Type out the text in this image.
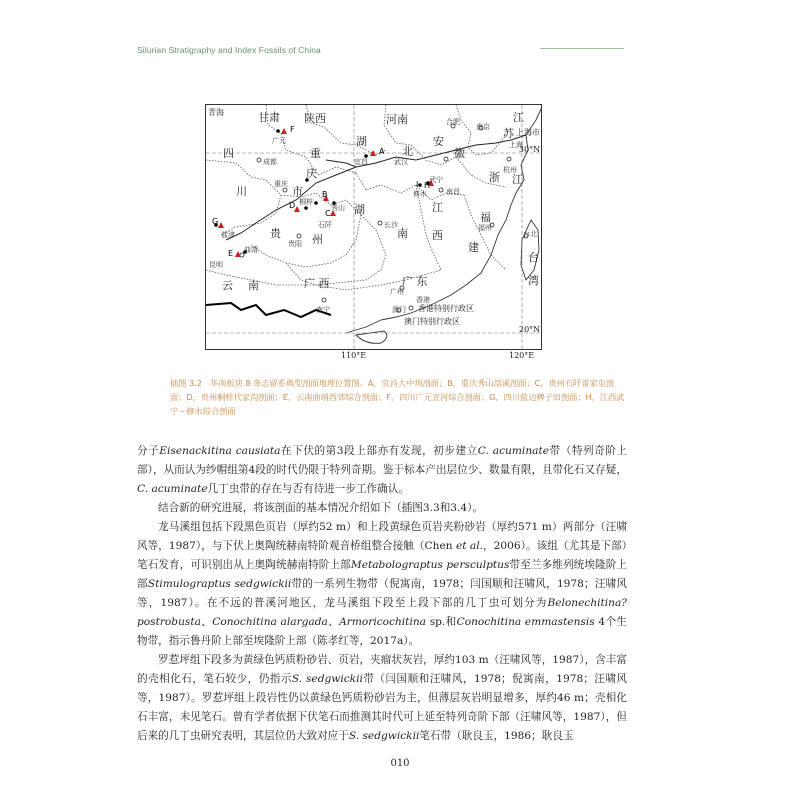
Silurian Stratigraphy and Index Fossils of China
青海	甘肃 陕西	河南	江
苏 上海市
湖	安
四	重	北	徽
庆	浙
川	市
江
湖	江
福
贵	南 西
州
建
台
湾
云 南	广 西	广 东
合肥
南京
广元
成都	宜昌	武汉
杭州
上海
重庆
桐梓
秀山
石阡
盐津
贵阳
曲靖
昆明
长沙
南昌
武宁
修水
福州
台北
广州
南宁
香港
澳门 香港特别行政区
澳门特别行政区
F
A
B
C
D
G
E
I H
30°N
20°N
110°E	120°E
插图 3.2 华南板块 8 条志留系典型剖面地理位置图。A，宜昌大中坝剖面；B，重庆秀山溶溪剖面；C，贵州石阡雷家屯剖面；D，贵州桐梓代家沟剖面；E，云南曲靖西郊综合剖面；F，四川广元宣河综合剖面；G，四川盐边稗子田剖面；H，江西武宁－修水综合剖面

分子Eisenackitina causiata在下伏的第3段上部亦有发现，初步建立C. acuminate带（特列奇阶上部），从而认为纱帽组第4段的时代仍限于特列奇期。鉴于标本产出层位少、数量有限，且带化石又存疑，C. acuminate几丁虫带的存在与否有待进一步工作确认。

结合新的研究进展，将该剖面的基本情况介绍如下（插图3.3和3.4）。

龙马溪组包括下段黑色页岩（厚约52 m）和上段黄绿色页岩夹粉砂岩（厚约571 m）两部分（汪啸风等，1987），与下伏上奥陶统赫南特阶观音桥组整合接触（Chen et al.，2006）。该组（尤其是下部）笔石发育，可识别出从上奥陶统赫南特阶上部Metabolograptus persculptus带至兰多维列统埃隆阶上部Stimulograptus sedgwickii带的一系列生物带（倪寓南，1978；闫国顺和汪啸风，1978；汪啸风等，1987）。在不远的普溪河地区，龙马溪组下段至上段下部的几丁虫可划分为Belonechitina? postrobusta、Conochitina alargada、Armoricochitina sp.和Conochitina emmastensis 4个生物带，指示鲁丹阶上部至埃隆阶上部（陈孝红等，2017a）。

罗惹坪组下段多为黄绿色钙质粉砂岩、页岩，夹瘤状灰岩，厚约103 m（汪啸风等，1987），含丰富的壳相化石，笔石较少，仍指示S. sedgwickii带（闫国顺和汪啸风，1978；倪寓南，1978；汪啸风等，1987）。罗惹坪组上段岩性仍以黄绿色钙质粉砂岩为主，但薄层灰岩明显增多，厚约46 m；壳相化石丰富，未见笔石。曾有学者依据下伏笔石而推测其时代可上延至特列奇阶下部（汪啸风等，1987），但后来的几丁虫研究表明，其层位仍大致对应于S. sedgwickii笔石带（耿良玉，1986；耿良玉

010
